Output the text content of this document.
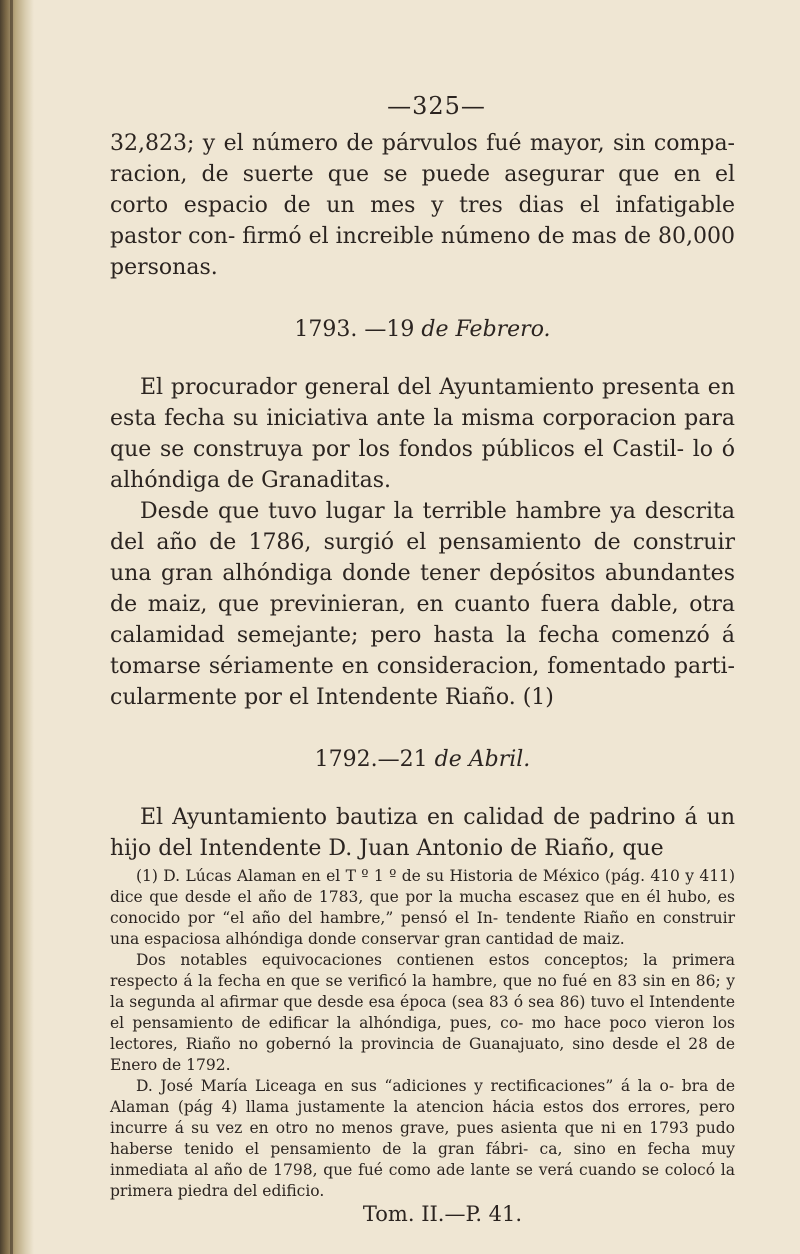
—325—

32,823; y el número de párvulos fué mayor, sin compa- racion, de suerte que se puede asegurar que en el corto espacio de un mes y tres dias el infatigable pastor con- firmó el increible númeno de mas de 80,000 personas.

1793. —19 de Febrero.

El procurador general del Ayuntamiento presenta en esta fecha su iniciativa ante la misma corporacion para que se construya por los fondos públicos el Castil- lo ó alhóndiga de Granaditas.

Desde que tuvo lugar la terrible hambre ya descrita del año de 1786, surgió el pensamiento de construir una gran alhóndiga donde tener depósitos abundantes de maiz, que previnieran, en cuanto fuera dable, otra calamidad semejante; pero hasta la fecha comenzó á tomarse sériamente en consideracion, fomentado parti- cularmente por el Intendente Riaño. (1)

1792.—21 de Abril.

El Ayuntamiento bautiza en calidad de padrino á un hijo del Intendente D. Juan Antonio de Riaño, que

(1) D. Lúcas Alaman en el T º 1 º de su Historia de México (pág. 410 y 411) dice que desde el año de 1783, que por la mucha escasez que en él hubo, es conocido por “el año del hambre,” pensó el In- tendente Riaño en construir una espaciosa alhóndiga donde conservar gran cantidad de maiz.

Dos notables equivocaciones contienen estos conceptos; la primera respecto á la fecha en que se verificó la hambre, que no fué en 83 sin en 86; y la segunda al afirmar que desde esa época (sea 83 ó sea 86) tuvo el Intendente el pensamiento de edificar la alhóndiga, pues, co- mo hace poco vieron los lectores, Riaño no gobernó la provincia de Guanajuato, sino desde el 28 de Enero de 1792.

D. José María Liceaga en sus “adiciones y rectificaciones” á la o- bra de Alaman (pág 4) llama justamente la atencion hácia estos dos errores, pero incurre á su vez en otro no menos grave, pues asienta que ni en 1793 pudo haberse tenido el pensamiento de la gran fábri- ca, sino en fecha muy inmediata al año de 1798, que fué como ade lante se verá cuando se colocó la primera piedra del edificio.

Tom. II.—P. 41.
